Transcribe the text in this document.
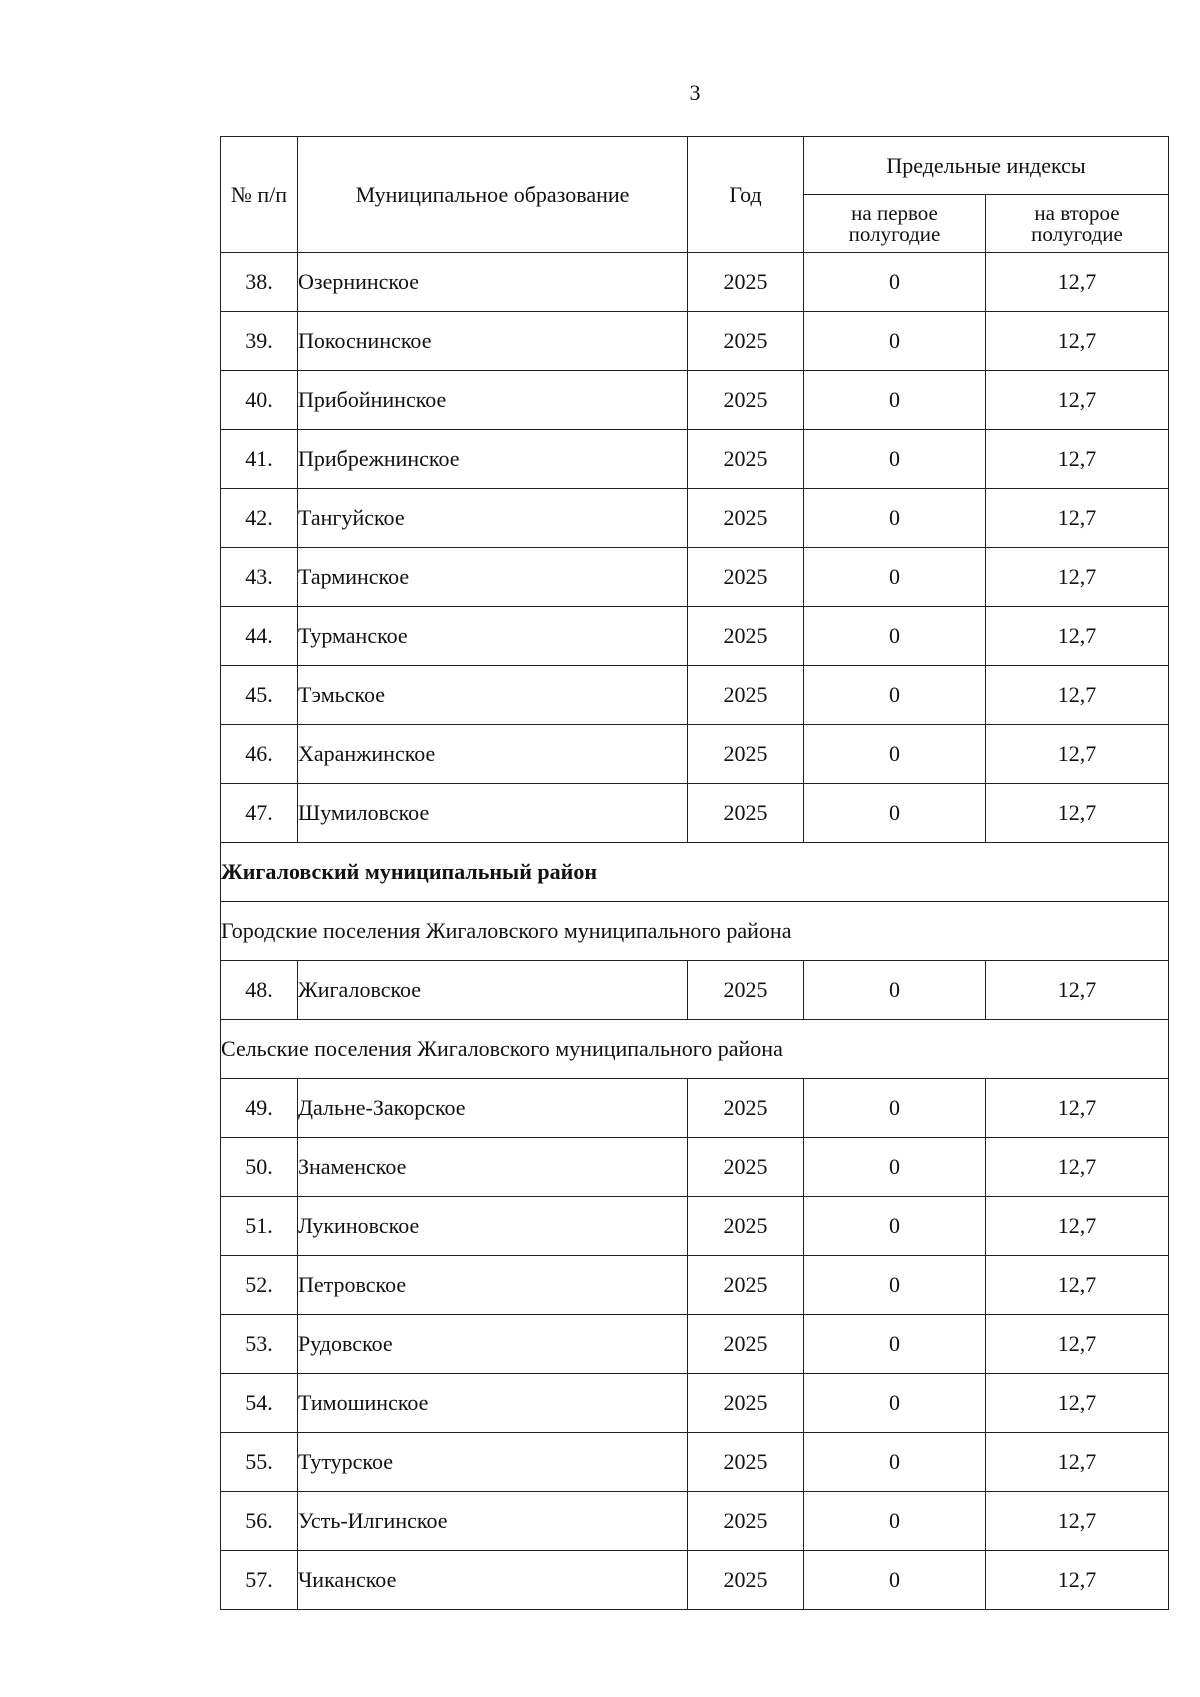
3
№ п/п	Муниципальное образование	Год	Предельные индексы	
			на первое полугодие	на второе полугодие
38.	Озернинское	2025	0	12,7
39.	Покоснинское	2025	0	12,7
40.	Прибойнинское	2025	0	12,7
41.	Прибрежнинское	2025	0	12,7
42.	Тангуйское	2025	0	12,7
43.	Тарминское	2025	0	12,7
44.	Турманское	2025	0	12,7
45.	Тэмьское	2025	0	12,7
46.	Харанжинское	2025	0	12,7
47.	Шумиловское	2025	0	12,7
Жигаловский муниципальный район				
Городские поселения Жигаловского муниципального района				
48.	Жигаловское	2025	0	12,7
Сельские поселения Жигаловского муниципального района				
49.	Дальне-Закорское	2025	0	12,7
50.	Знаменское	2025	0	12,7
51.	Лукиновское	2025	0	12,7
52.	Петровское	2025	0	12,7
53.	Рудовское	2025	0	12,7
54.	Тимошинское	2025	0	12,7
55.	Тутурское	2025	0	12,7
56.	Усть-Илгинское	2025	0	12,7
57.	Чиканское	2025	0	12,7
